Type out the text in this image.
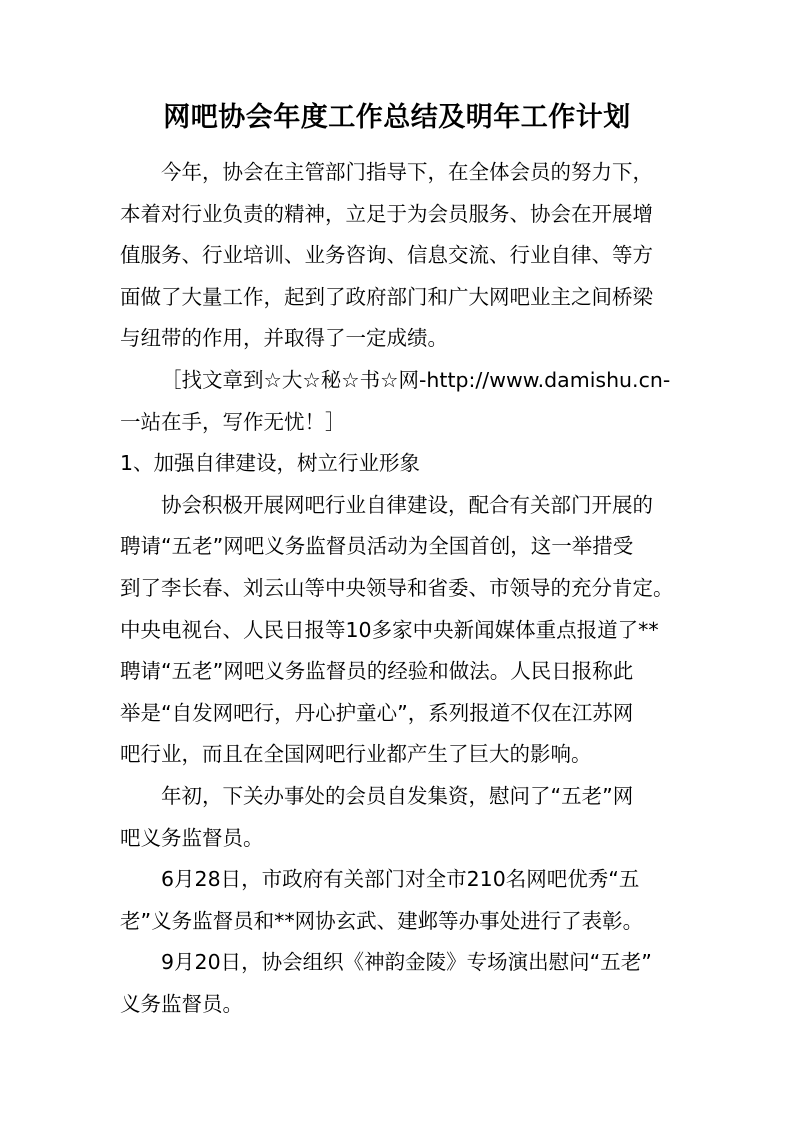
网吧协会年度工作总结及明年工作计划
今年，协会在主管部门指导下，在全体会员的努力下，
本着对行业负责的精神，立足于为会员服务、协会在开展增
值服务、行业培训、业务咨询、信息交流、行业自律、等方
面做了大量工作，起到了政府部门和广大网吧业主之间桥梁
与纽带的作用，并取得了一定成绩。
［找文章到☆大☆秘☆书☆网-http://www.damishu.cn-
一站在手，写作无忧！］
1、加强自律建设，树立行业形象
协会积极开展网吧行业自律建设，配合有关部门开展的
聘请“五老”网吧义务监督员活动为全国首创，这一举措受
到了李长春、刘云山等中央领导和省委、市领导的充分肯定。
中央电视台、人民日报等10多家中央新闻媒体重点报道了**
聘请“五老”网吧义务监督员的经验和做法。人民日报称此
举是“自发网吧行，丹心护童心”，系列报道不仅在江苏网
吧行业，而且在全国网吧行业都产生了巨大的影响。
年初，下关办事处的会员自发集资，慰问了“五老”网
吧义务监督员。
6月28日，市政府有关部门对全市210名网吧优秀“五
老”义务监督员和**网协玄武、建邺等办事处进行了表彰。
9月20日，协会组织《神韵金陵》专场演出慰问“五老”
义务监督员。
